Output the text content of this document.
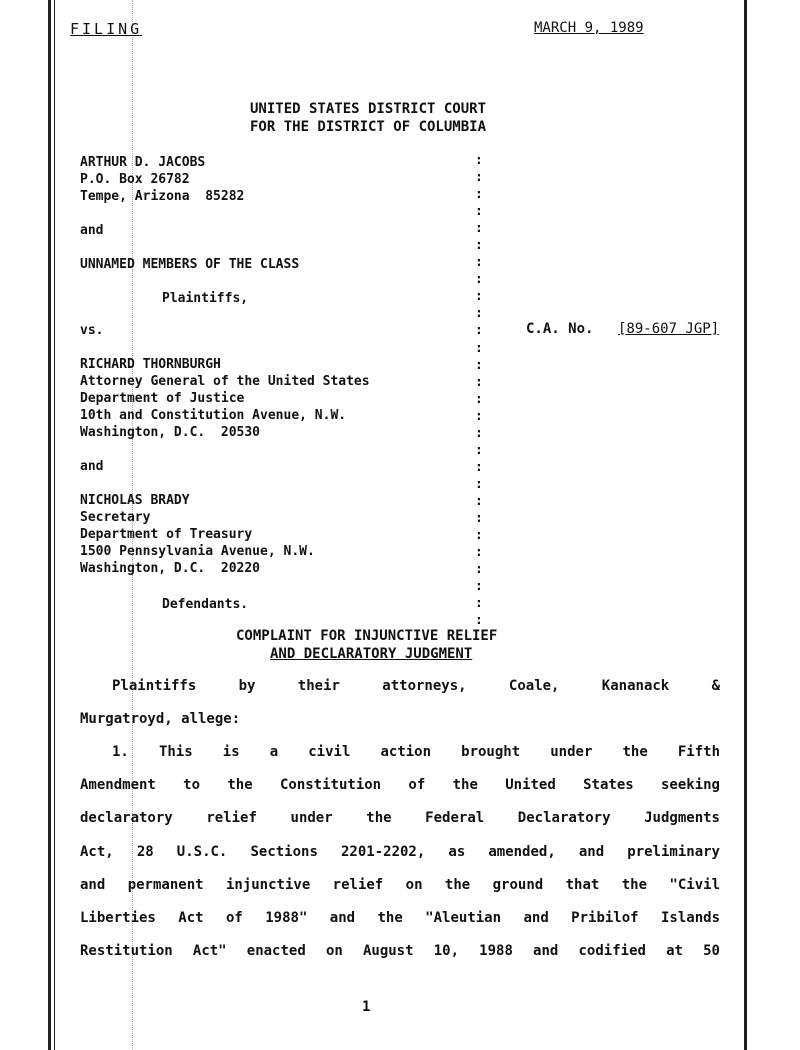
FILING	MARCH 9, 1989
UNITED STATES DISTRICT COURT
FOR THE DISTRICT OF COLUMBIA
ARTHUR D. JACOBS
P.O. Box 26782
Tempe, Arizona  85282
and
UNNAMED MEMBERS OF THE CLASS
Plaintiffs,
vs.	C.A. No. [89-607 JGP]
RICHARD THORNBURGH
Attorney General of the United States
Department of Justice
10th and Constitution Avenue, N.W.
Washington, D.C.  20530
and
NICHOLAS BRADY
Secretary
Department of Treasury
1500 Pennsylvania Avenue, N.W.
Washington, D.C.  20220
Defendants.
:
:
:
:
:
:
:
:
:
:
:
:
:
:
:
:
:
:
:
:
:
:
:
:
:
:
:
:
COMPLAINT FOR INJUNCTIVE RELIEF
AND DECLARATORY JUDGMENT
Plaintiffs by their attorneys, Coale, Kananack &
Murgatroyd, allege:
1. This is a civil action brought under the Fifth
Amendment to the Constitution of the United States seeking
declaratory relief under the Federal Declaratory Judgments
Act, 28 U.S.C. Sections 2201-2202, as amended, and preliminary
and permanent injunctive relief on the ground that the "Civil
Liberties Act of 1988" and the "Aleutian and Pribilof Islands
Restitution Act" enacted on August 10, 1988 and codified at 50
1
